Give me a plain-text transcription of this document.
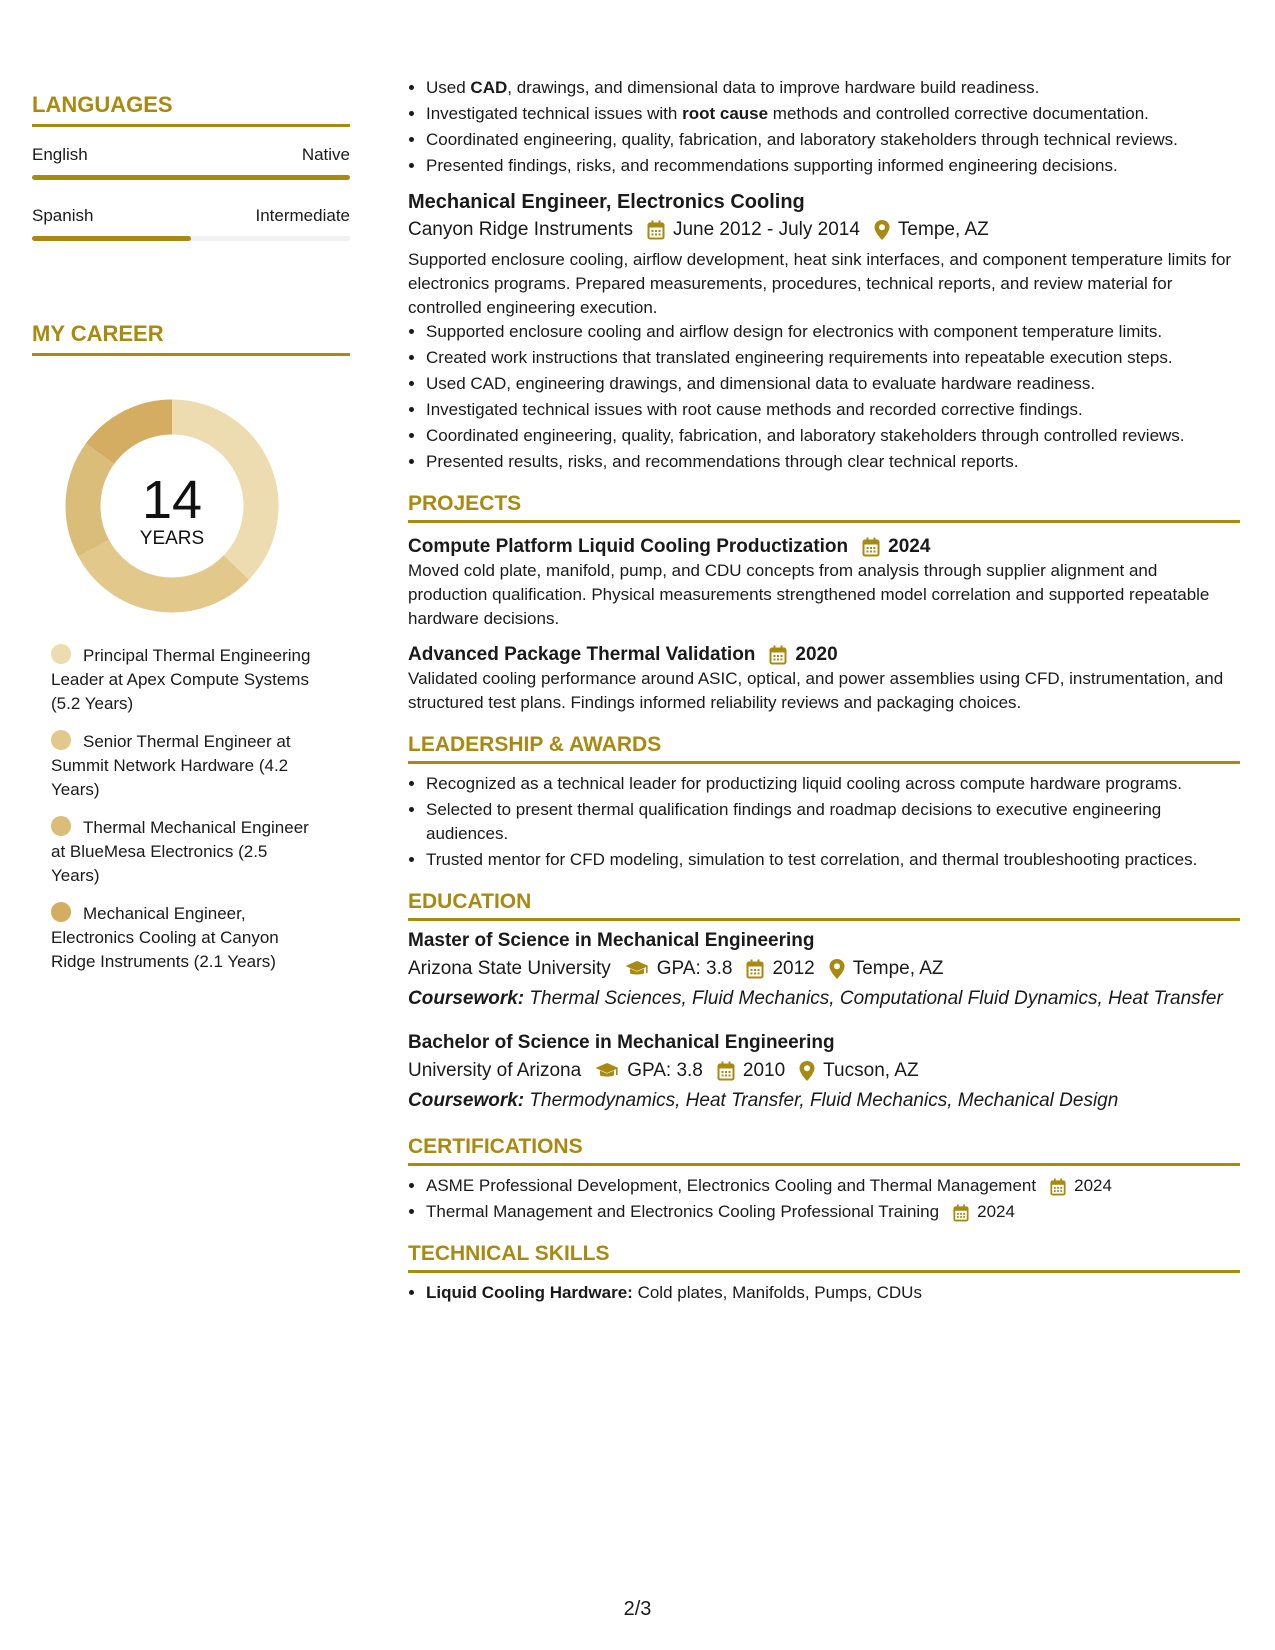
LANGUAGES
English	Native
Spanish	Intermediate
MY CAREER
14
YEARS
Principal Thermal Engineering Leader at Apex Compute Systems (5.2 Years)
Senior Thermal Engineer at Summit Network Hardware (4.2 Years)
Thermal Mechanical Engineer at BlueMesa Electronics (2.5 Years)
Mechanical Engineer, Electronics Cooling at Canyon Ridge Instruments (2.1 Years)
• Used CAD, drawings, and dimensional data to improve hardware build readiness.
• Investigated technical issues with root cause methods and controlled corrective documentation.
• Coordinated engineering, quality, fabrication, and laboratory stakeholders through technical reviews.
• Presented findings, risks, and recommendations supporting informed engineering decisions.
Mechanical Engineer, Electronics Cooling
Canyon Ridge Instruments June 2012 - July 2014 Tempe, AZ
Supported enclosure cooling, airflow development, heat sink interfaces, and component temperature limits for electronics programs. Prepared measurements, procedures, technical reports, and review material for controlled engineering execution.
• Supported enclosure cooling and airflow design for electronics with component temperature limits.
• Created work instructions that translated engineering requirements into repeatable execution steps.
• Used CAD, engineering drawings, and dimensional data to evaluate hardware readiness.
• Investigated technical issues with root cause methods and recorded corrective findings.
• Coordinated engineering, quality, fabrication, and laboratory stakeholders through controlled reviews.
• Presented results, risks, and recommendations through clear technical reports.
PROJECTS
Compute Platform Liquid Cooling Productization 2024
Moved cold plate, manifold, pump, and CDU concepts from analysis through supplier alignment and production qualification. Physical measurements strengthened model correlation and supported repeatable hardware decisions.
Advanced Package Thermal Validation 2020
Validated cooling performance around ASIC, optical, and power assemblies using CFD, instrumentation, and structured test plans. Findings informed reliability reviews and packaging choices.
LEADERSHIP & AWARDS
• Recognized as a technical leader for productizing liquid cooling across compute hardware programs.
• Selected to present thermal qualification findings and roadmap decisions to executive engineering audiences.
• Trusted mentor for CFD modeling, simulation to test correlation, and thermal troubleshooting practices.
EDUCATION
Master of Science in Mechanical Engineering
Arizona State University GPA: 3.8 2012 Tempe, AZ
Coursework: Thermal Sciences, Fluid Mechanics, Computational Fluid Dynamics, Heat Transfer
Bachelor of Science in Mechanical Engineering
University of Arizona GPA: 3.8 2010 Tucson, AZ
Coursework: Thermodynamics, Heat Transfer, Fluid Mechanics, Mechanical Design
CERTIFICATIONS
• ASME Professional Development, Electronics Cooling and Thermal Management 2024
• Thermal Management and Electronics Cooling Professional Training 2024
TECHNICAL SKILLS
• Liquid Cooling Hardware: Cold plates, Manifolds, Pumps, CDUs
2/3
